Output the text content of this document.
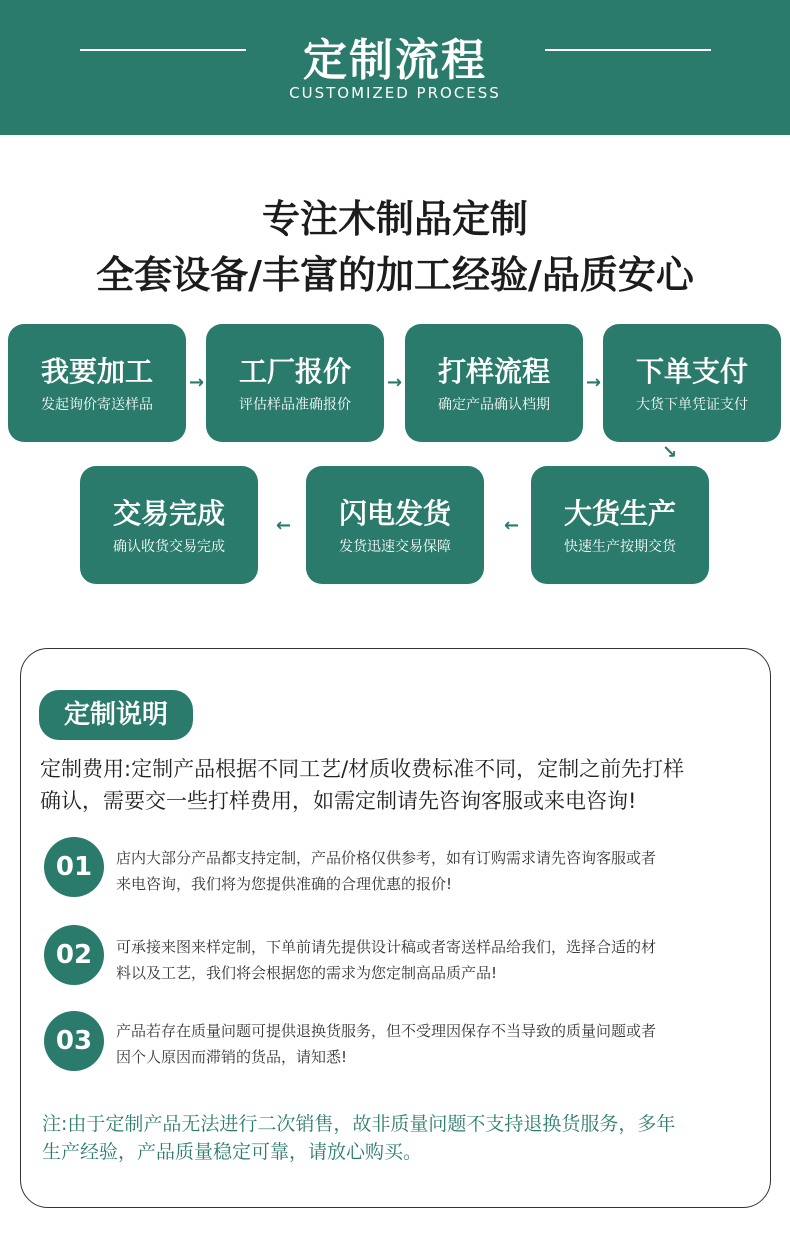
定制流程
CUSTOMIZED PROCESS
专注木制品定制
全套设备/丰富的加工经验/品质安心
我要加工
发起询价寄送样品
→	工厂报价
评估样品准确报价
→	打样流程
确定产品确认档期
→	下单支付
大货下单凭证支付
↘
大货生产
快速生产按期交货
←
闪电发货
发货迅速交易保障
←
交易完成
确认收货交易完成
定制说明
定制费用:定制产品根据不同工艺/材质收费标准不同，定制之前先打样
确认，需要交一些打样费用，如需定制请先咨询客服或来电咨询!
01	店内大部分产品都支持定制，产品价格仅供参考，如有订购需求请先咨询客服或者
来电咨询，我们将为您提供准确的合理优惠的报价!
02	可承接来图来样定制，下单前请先提供设计稿或者寄送样品给我们，选择合适的材
料以及工艺，我们将会根据您的需求为您定制高品质产品!
03	产品若存在质量问题可提供退换货服务，但不受理因保存不当导致的质量问题或者
因个人原因而滞销的货品，请知悉!
注:由于定制产品无法进行二次销售，故非质量问题不支持退换货服务，多年
生产经验，产品质量稳定可靠，请放心购买。
